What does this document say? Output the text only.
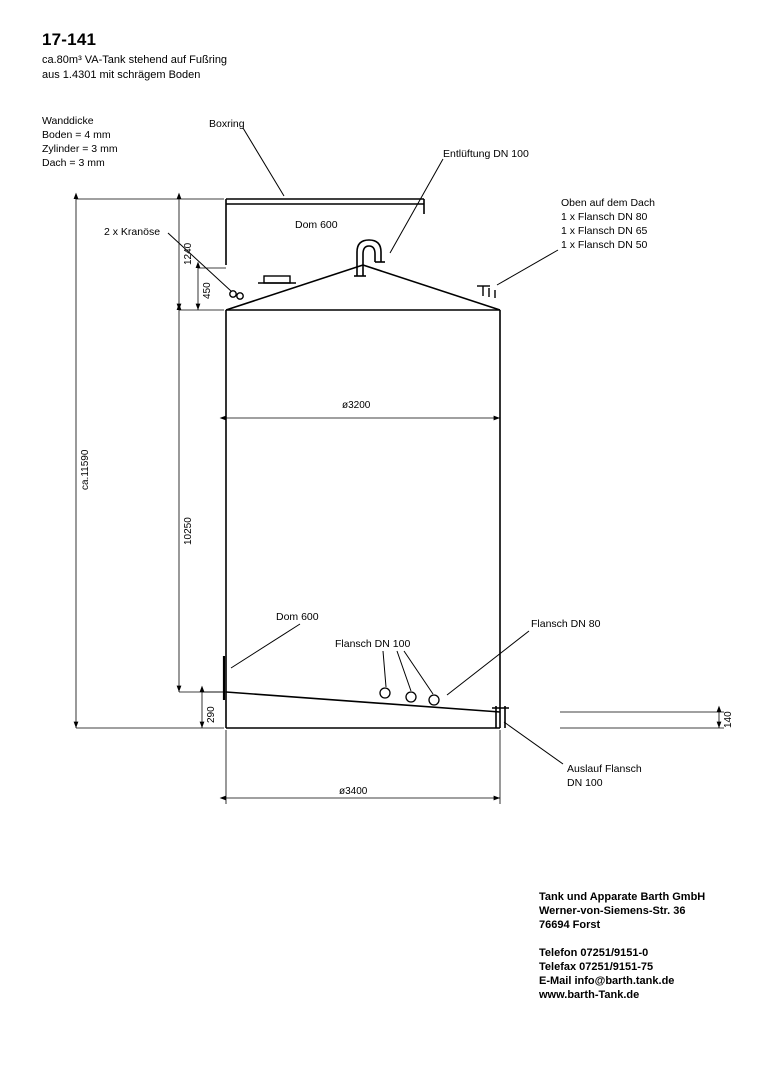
17-141
ca.80m³ VA-Tank stehend auf Fußring
aus 1.4301 mit schrägem Boden
Wanddicke
Boden = 4 mm
Zylinder = 3 mm
Dach = 3 mm
Oben auf dem Dach
1 x Flansch DN 80
1 x Flansch DN 65
1 x Flansch DN 50
Boxring
Entlüftung DN 100
2 x Kranöse
Dom 600
Dom 600
Flansch DN 100
Flansch DN 80
Auslauf Flansch
DN 100
ca.11590
10250
1240
450
290	140
ø3200
ø3400
Tank und Apparate Barth GmbH
Werner-von-Siemens-Str. 36
76694 Forst
Telefon 07251/9151-0
Telefax 07251/9151-75
E-Mail info@barth.tank.de
www.barth-Tank.de
